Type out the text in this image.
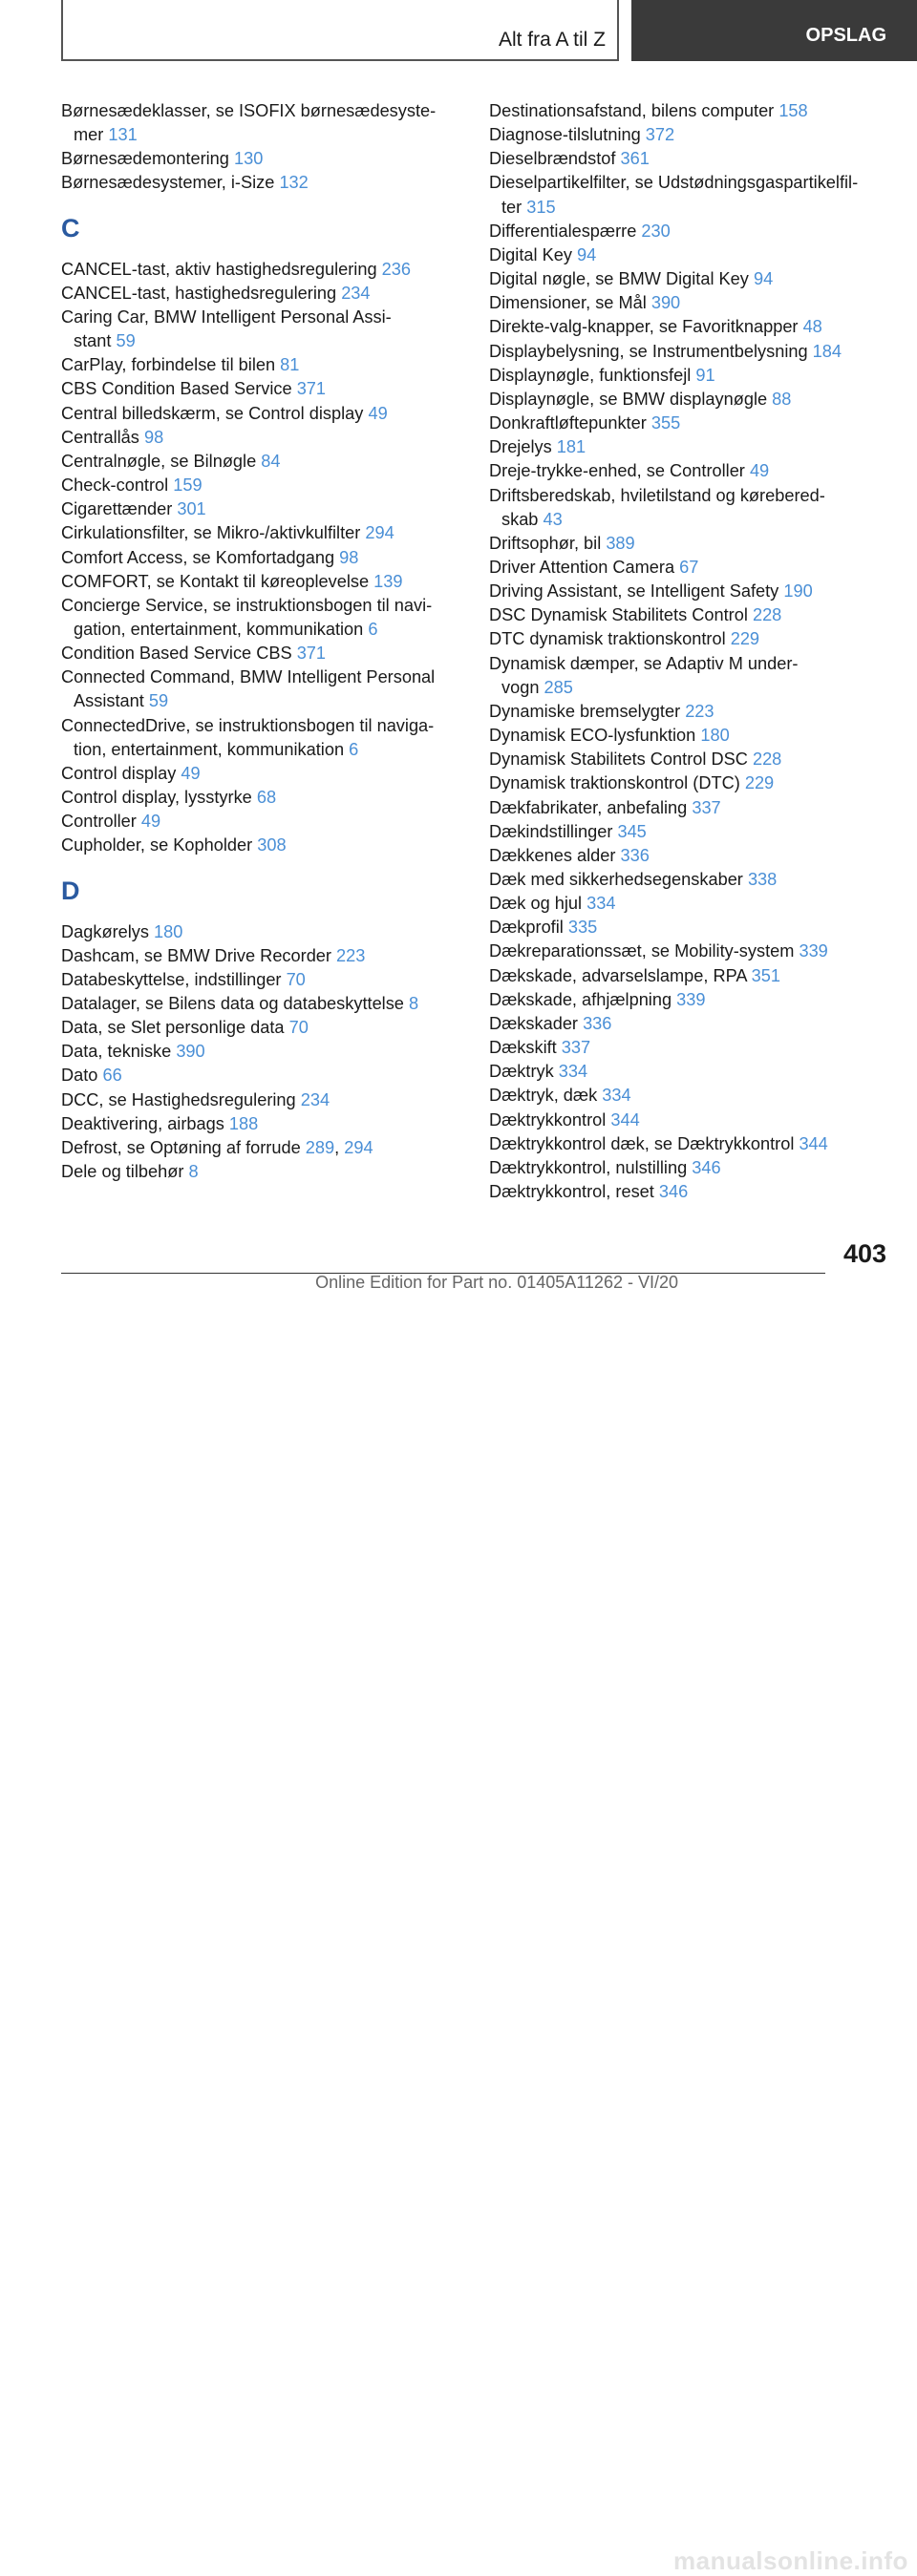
Alt fra A til Z	OPSLAG
Børnesædeklasser, se ISOFIX børnesædesyste-
mer 131
Børnesædemontering 130
Børnesædesystemer, i-Size 132
C
CANCEL-tast, aktiv hastighedsregulering 236
CANCEL-tast, hastighedsregulering 234
Caring Car, BMW Intelligent Personal Assi-
stant 59
CarPlay, forbindelse til bilen 81
CBS Condition Based Service 371
Central billedskærm, se Control display 49
Centrallås 98
Centralnøgle, se Bilnøgle 84
Check-control 159
Cigarettænder 301
Cirkulationsfilter, se Mikro-/aktivkulfilter 294
Comfort Access, se Komfortadgang 98
COMFORT, se Kontakt til køreoplevelse 139
Concierge Service, se instruktionsbogen til navi-
gation, entertainment, kommunikation 6
Condition Based Service CBS 371
Connected Command, BMW Intelligent Personal
Assistant 59
ConnectedDrive, se instruktionsbogen til naviga-
tion, entertainment, kommunikation 6
Control display 49
Control display, lysstyrke 68
Controller 49
Cupholder, se Kopholder 308
D
Dagkørelys 180
Dashcam, se BMW Drive Recorder 223
Databeskyttelse, indstillinger 70
Datalager, se Bilens data og databeskyttelse 8
Data, se Slet personlige data 70
Data, tekniske 390
Dato 66
DCC, se Hastighedsregulering 234
Deaktivering, airbags 188
Defrost, se Optøning af forrude 289, 294
Dele og tilbehør 8
Destinationsafstand, bilens computer 158
Diagnose-tilslutning 372
Dieselbrændstof 361
Dieselpartikelfilter, se Udstødningsgaspartikelfil-
ter 315
Differentialespærre 230
Digital Key 94
Digital nøgle, se BMW Digital Key 94
Dimensioner, se Mål 390
Direkte-valg-knapper, se Favoritknapper 48
Displaybelysning, se Instrumentbelysning 184
Displaynøgle, funktionsfejl 91
Displaynøgle, se BMW displaynøgle 88
Donkraftløftepunkter 355
Drejelys 181
Dreje-trykke-enhed, se Controller 49
Driftsberedskab, hviletilstand og kørebered-
skab 43
Driftsophør, bil 389
Driver Attention Camera 67
Driving Assistant, se Intelligent Safety 190
DSC Dynamisk Stabilitets Control 228
DTC dynamisk traktionskontrol 229
Dynamisk dæmper, se Adaptiv M under-
vogn 285
Dynamiske bremselygter 223
Dynamisk ECO-lysfunktion 180
Dynamisk Stabilitets Control DSC 228
Dynamisk traktionskontrol (DTC) 229
Dækfabrikater, anbefaling 337
Dækindstillinger 345
Dækkenes alder 336
Dæk med sikkerhedsegenskaber 338
Dæk og hjul 334
Dækprofil 335
Dækreparationssæt, se Mobility-system 339
Dækskade, advarselslampe, RPA 351
Dækskade, afhjælpning 339
Dækskader 336
Dækskift 337
Dæktryk 334
Dæktryk, dæk 334
Dæktrykkontrol 344
Dæktrykkontrol dæk, se Dæktrykkontrol 344
Dæktrykkontrol, nulstilling 346
Dæktrykkontrol, reset 346
403
manualsonline.info
Online Edition for Part no. 01405A11262 - VI/20
